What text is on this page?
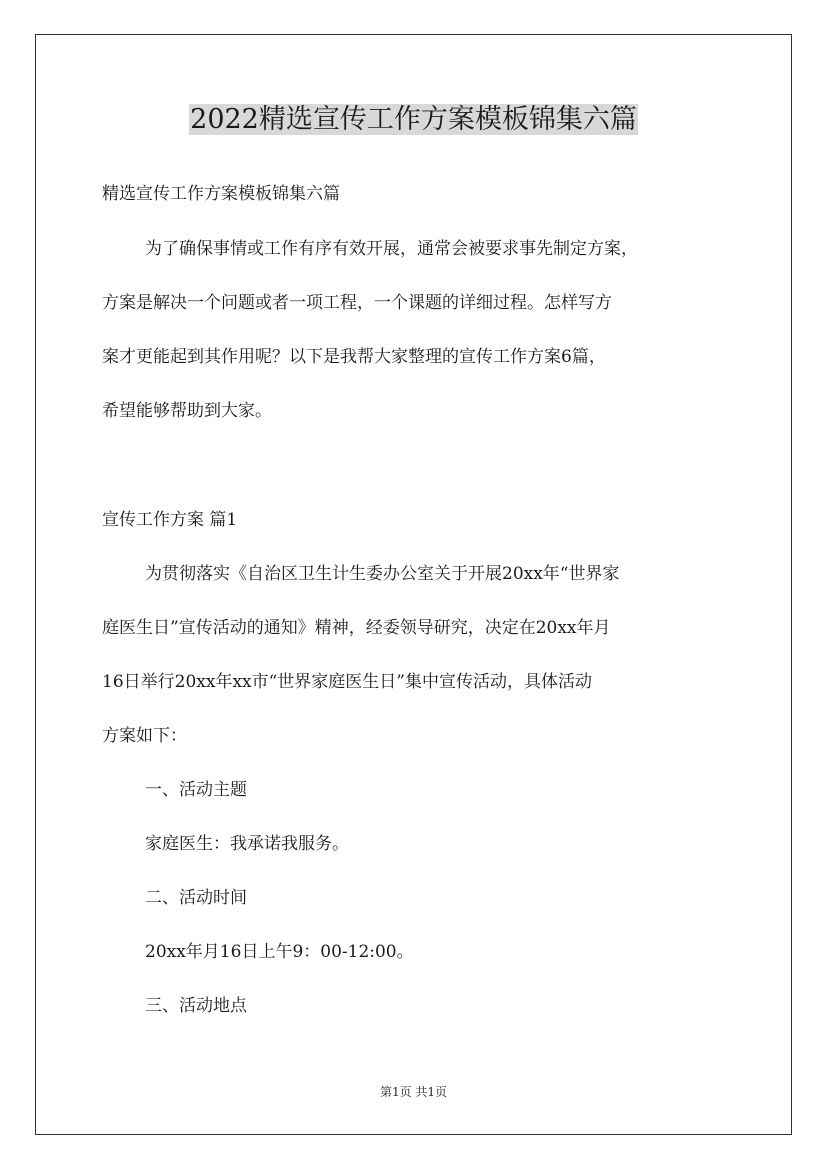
2022精选宣传工作方案模板锦集六篇
精选宣传工作方案模板锦集六篇
为了确保事情或工作有序有效开展，通常会被要求事先制定方案，
方案是解决一个问题或者一项工程，一个课题的详细过程。怎样写方
案才更能起到其作用呢？以下是我帮大家整理的宣传工作方案6篇，
希望能够帮助到大家。
宣传工作方案 篇1
为贯彻落实《自治区卫生计生委办公室关于开展20xx年“世界家
庭医生日”宣传活动的通知》精神，经委领导研究，决定在20xx年月
16日举行20xx年xx市“世界家庭医生日”集中宣传活动，具体活动
方案如下：
一、活动主题
家庭医生：我承诺我服务。
二、活动时间
20xx年月16日上午9：00-12:00。
三、活动地点
第1页 共1页
